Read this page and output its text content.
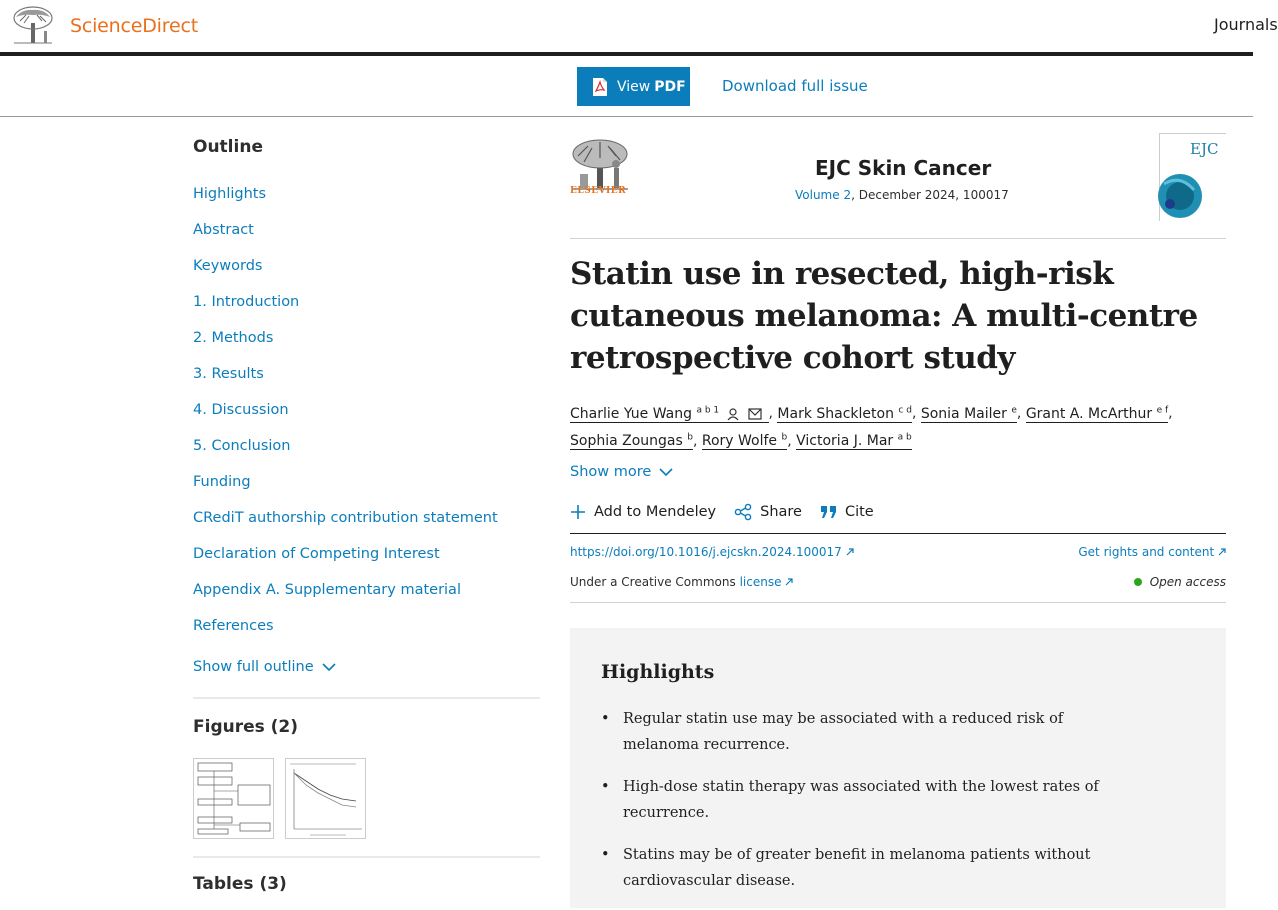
ScienceDirect	Journals
View PDF Download full issue
Outline
Highlights
Abstract
Keywords
1. Introduction
2. Methods
3. Results
4. Discussion
5. Conclusion
Funding
CRediT authorship contribution statement
Declaration of Competing Interest
Appendix A. Supplementary material
References
Show full outline
Figures (2)
Tables (3)
ELSEVIER
EJC Skin Cancer
Volume 2, December 2024, 100017
EJC
Statin use in resected, high-risk cutaneous melanoma: A multi-centre retrospective cohort study
Charlie Yue Wang $^{a b 1}$	, Mark Shackleton $^{c d}$, Sonia Mailer $^e$, Grant A. McArthur $^{e f}$,
Sophia Zoungas $^b$, Rory Wolfe $^b$, Victoria J. Mar $^{a b}$
Show more
Add to Mendeley	Share	Cite
https://doi.org/10.1016/j.ejcskn.2024.100017	Get rights and content
Under a Creative Commons license	Open access
Highlights
• Regular statin use may be associated with a reduced risk of melanoma recurrence.
• High-dose statin therapy was associated with the lowest rates of recurrence.
• Statins may be of greater benefit in melanoma patients without cardiovascular disease.
